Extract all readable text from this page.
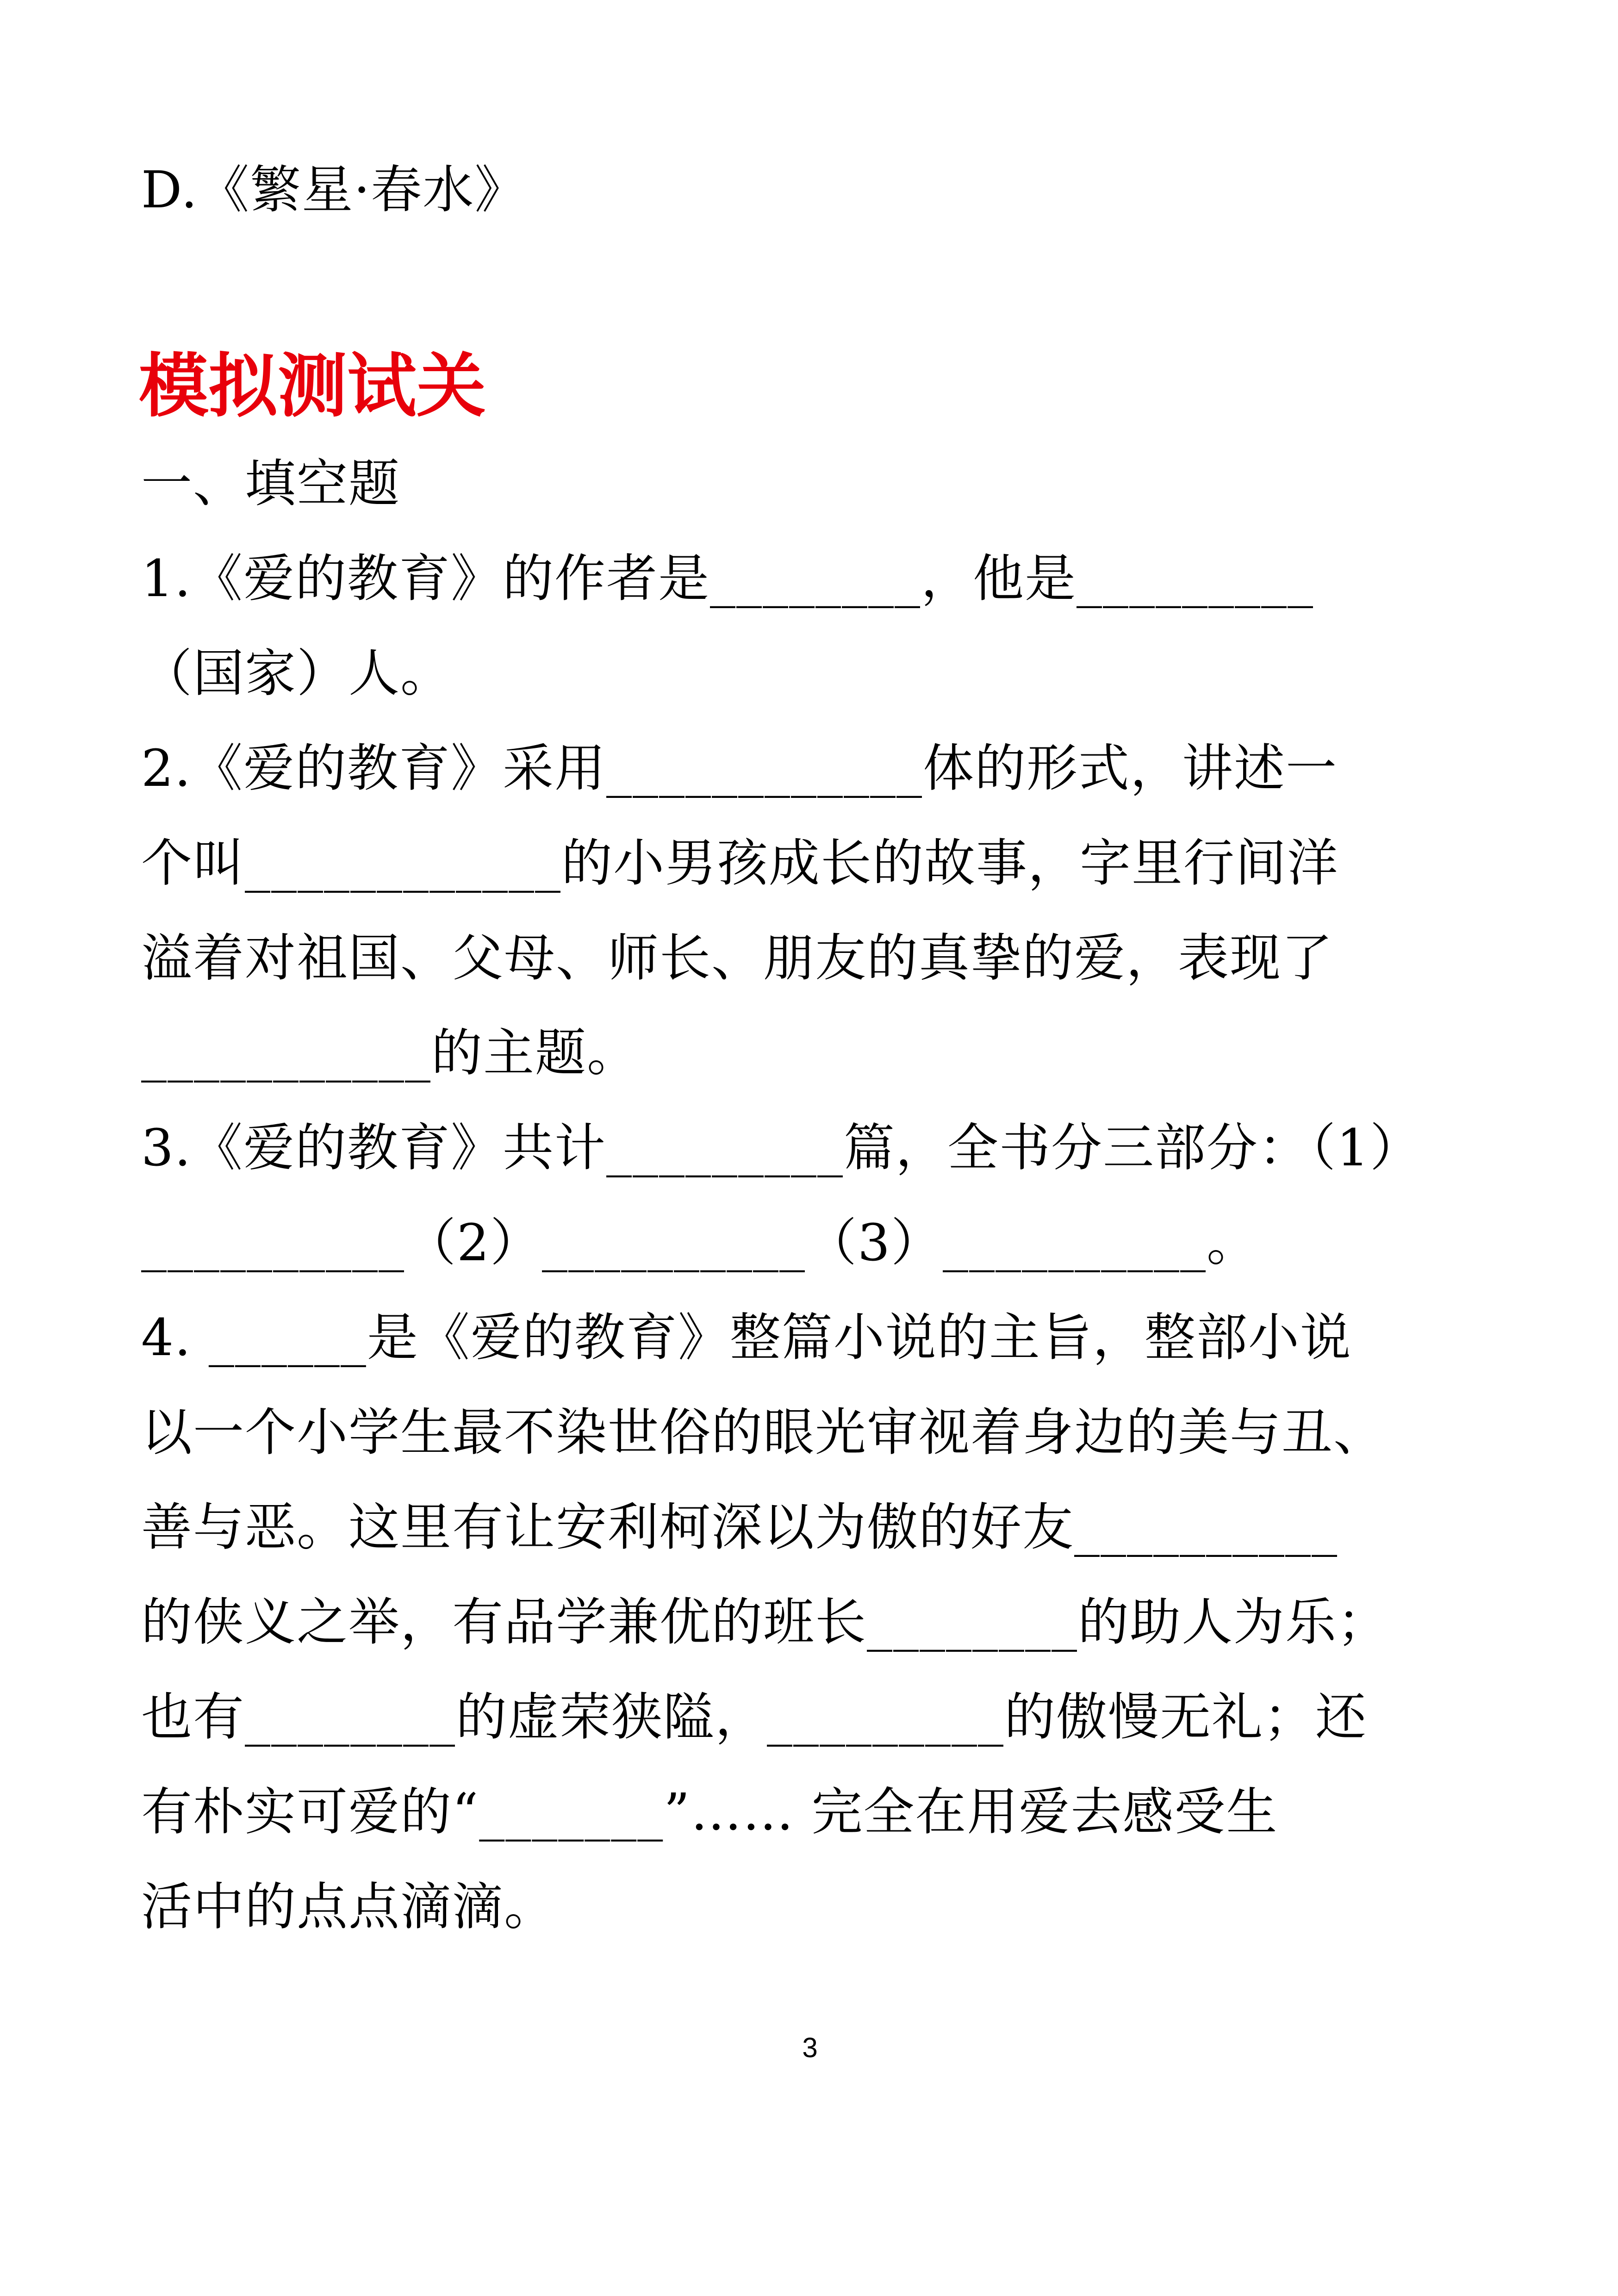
D.《繁星·春水》
模拟测试关
一、填空题
1.《爱的教育》的作者是________，他是_________
（国家）人。
2.《爱的教育》采用____________体的形式，讲述一
个叫____________的小男孩成长的故事，字里行间洋
溢着对祖国、父母、师长、朋友的真挚的爱，表现了
___________的主题。
3.《爱的教育》共计_________篇，全书分三部分：（1）
__________（2）__________（3）__________。
4. ______是《爱的教育》整篇小说的主旨，整部小说
以一个小学生最不染世俗的眼光审视着身边的美与丑、
善与恶。这里有让安利柯深以为傲的好友__________
的侠义之举，有品学兼优的班长________的助人为乐；
也有________的虚荣狭隘，_________的傲慢无礼；还
有朴实可爱的“_______”…… 完全在用爱去感受生
活中的点点滴滴。
3
